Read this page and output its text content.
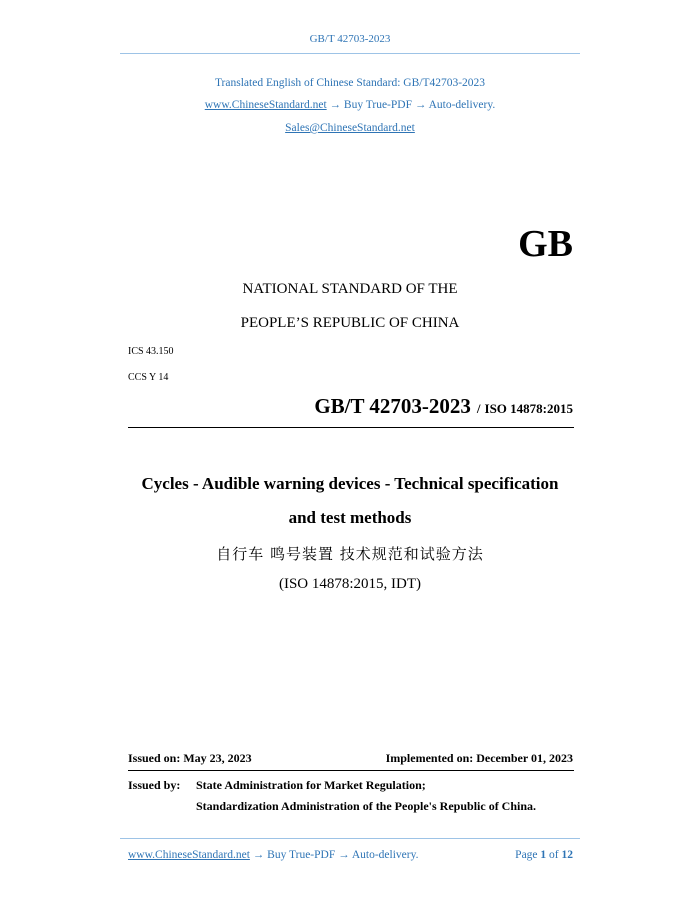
GB/T 42703-2023
Translated English of Chinese Standard: GB/T42703-2023
www.ChineseStandard.net → Buy True-PDF → Auto-delivery.
Sales@ChineseStandard.net
GB
NATIONAL STANDARD OF THE
PEOPLE’S REPUBLIC OF CHINA
ICS 43.150
CCS Y 14
GB/T 42703-2023 / ISO 14878:2015
Cycles - Audible warning devices - Technical specification
and test methods
自行车 鸣号装置 技术规范和试验方法
(ISO 14878:2015, IDT)
Issued on: May 23, 2023	Implemented on: December 01, 2023
Issued by: State Administration for Market Regulation;
Standardization Administration of the People's Republic of China.
www.ChineseStandard.net → Buy True-PDF → Auto-delivery.	Page 1 of 12
